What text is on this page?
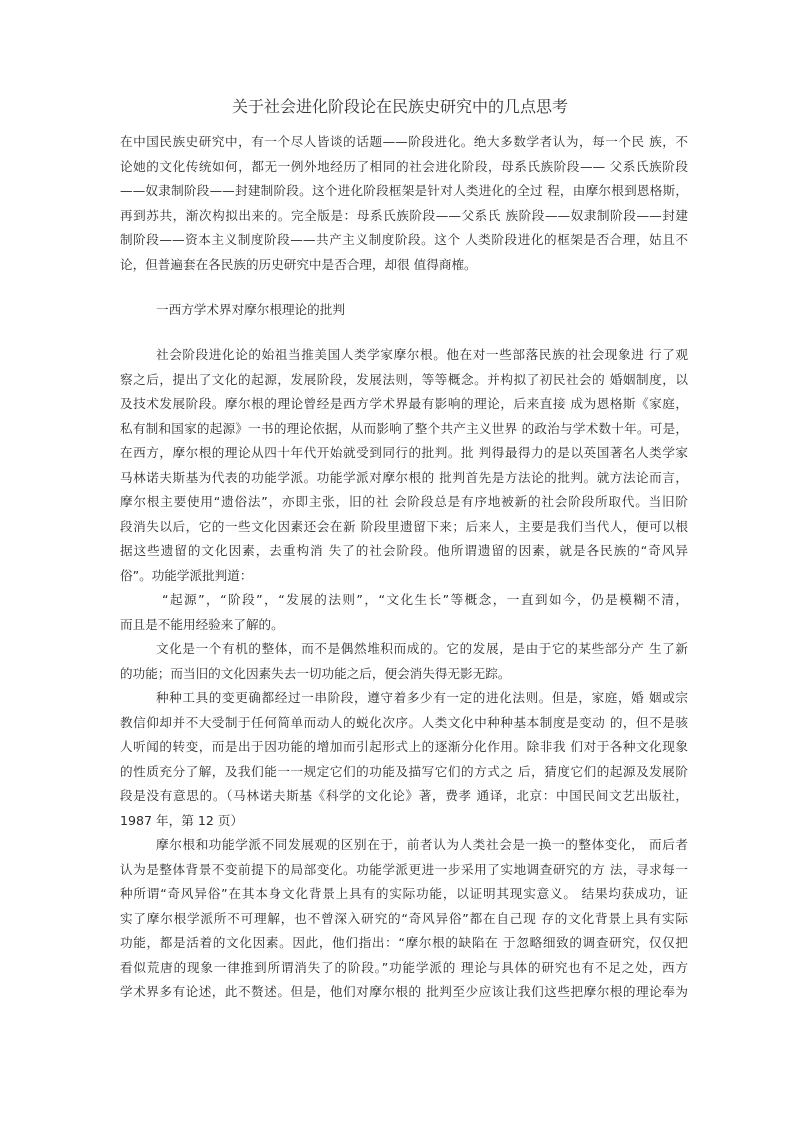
关于社会进化阶段论在民族史研究中的几点思考
一西方学术界对摩尔根理论的批判
在中国民族史研究中，有一个尽人皆谈的话题——阶段进化。绝大多数学者认为，每一个民 族，不
论她的文化传统如何，都无一例外地经历了相同的社会进化阶段，母系氏族阶段—— 父系氏族阶段
——奴隶制阶段——封建制阶段。这个进化阶段框架是针对人类进化的全过 程，由摩尔根到恩格斯，
再到苏共，渐次构拟出来的。完全版是：母系氏族阶段——父系氏 族阶段——奴隶制阶段——封建
制阶段——资本主义制度阶段——共产主义制度阶段。这个 人类阶段进化的框架是否合理，姑且不
论，但普遍套在各民族的历史研究中是否合理，却很 值得商榷。
社会阶段进化论的始祖当推美国人类学家摩尔根。他在对一些部落民族的社会现象进 行了观
察之后，提出了文化的起源，发展阶段，发展法则，等等概念。并构拟了初民社会的 婚姻制度，以
及技术发展阶段。摩尔根的理论曾经是西方学术界最有影响的理论，后来直接 成为恩格斯《家庭，
私有制和国家的起源》一书的理论依据，从而影响了整个共产主义世界 的政治与学术数十年。可是，
在西方，摩尔根的理论从四十年代开始就受到同行的批判。批 判得最得力的是以英国著名人类学家
马林诺夫斯基为代表的功能学派。功能学派对摩尔根的 批判首先是方法论的批判。就方法论而言，
摩尔根主要使用“遗俗法”，亦即主张，旧的社 会阶段总是有序地被新的社会阶段所取代。当旧阶
段消失以后，它的一些文化因素还会在新 阶段里遗留下来；后来人，主要是我们当代人，便可以根
据这些遗留的文化因素，去重构消 失了的社会阶段。他所谓遗留的因素，就是各民族的“奇风异
俗”。功能学派批判道：
“起源”，“阶段”，“发展的法则”，“文化生长”等概念，一直到如今，仍是模糊不清，
而且是不能用经验来了解的。
文化是一个有机的整体，而不是偶然堆积而成的。它的发展，是由于它的某些部分产 生了新
的功能；而当旧的文化因素失去一切功能之后，便会消失得无影无踪。
种种工具的变更确都经过一串阶段，遵守着多少有一定的进化法则。但是，家庭，婚 姻或宗
教信仰却并不大受制于任何简单而动人的蜕化次序。人类文化中种种基本制度是变动 的，但不是骇
人听闻的转变，而是出于因功能的增加而引起形式上的逐渐分化作用。除非我 们对于各种文化现象
的性质充分了解，及我们能一一规定它们的功能及描写它们的方式之 后，猜度它们的起源及发展阶
段是没有意思的。（马林诺夫斯基《科学的文化论》著，费孝 通译，北京：中国民间文艺出版社，
1987 年，第 12 页）
摩尔根和功能学派不同发展观的区别在于，前者认为人类社会是一换一的整体变化， 而后者
认为是整体背景不变前提下的局部变化。功能学派更进一步采用了实地调查研究的方 法，寻求每一
种所谓“奇风异俗”在其本身文化背景上具有的实际功能，以证明其现实意义。 结果均获成功，证
实了摩尔根学派所不可理解，也不曾深入研究的“奇风异俗”都在自己现 存的文化背景上具有实际
功能，都是活着的文化因素。因此，他们指出：“摩尔根的缺陷在 于忽略细致的调查研究，仅仅把
看似荒唐的现象一律推到所谓消失了的阶段。”功能学派的 理论与具体的研究也有不足之处，西方
学术界多有论述，此不赘述。但是，他们对摩尔根的 批判至少应该让我们这些把摩尔根的理论奉为
